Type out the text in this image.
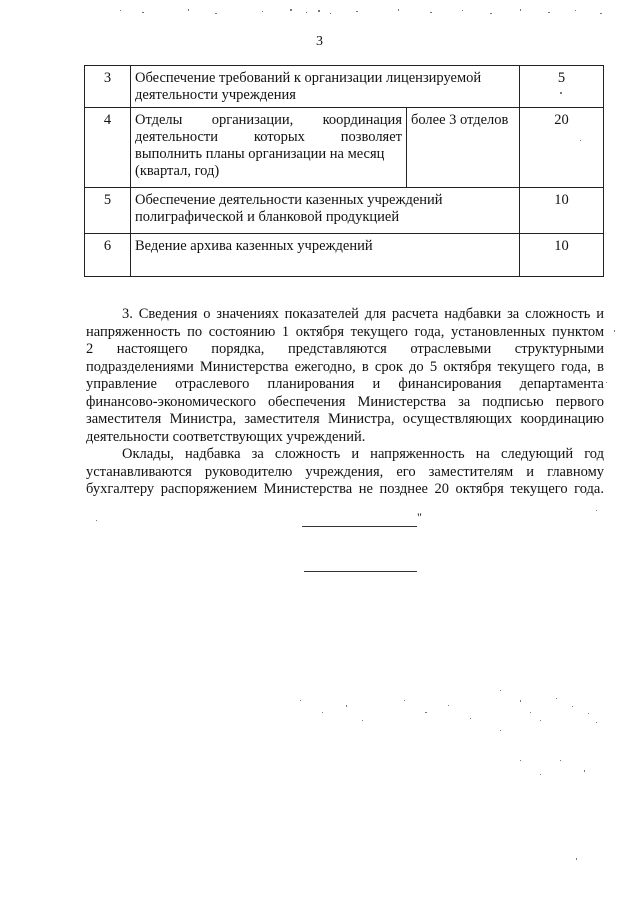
3
3	Обеспечение требований к организации лицензируемой
деятельности учреждения		5
4	Отделы организации, координация
деятельности которых позволяет
выполнить планы организации на месяц
(квартал, год)	более 3 отделов	20
5	Обеспечение деятельности казенных учреждений
полиграфической и бланковой продукцией		10
6	Ведение архива казенных учреждений		10
3. Сведения о значениях показателей для расчета надбавки за сложность и
напряженность по состоянию 1 октября текущего года, установленных пунктом
2 настоящего порядка, представляются отраслевыми структурными
подразделениями Министерства ежегодно, в срок до 5 октября текущего года, в
управление отраслевого планирования и финансирования департамента
финансово-экономического обеспечения Министерства за подписью первого
заместителя Министра, заместителя Министра, осуществляющих координацию
деятельности соответствующих учреждений.
Оклады, надбавка за сложность и напряженность на следующий год
устанавливаются руководителю учреждения, его заместителям и главному
бухгалтеру распоряжением Министерства не позднее 20 октября текущего года.
"
